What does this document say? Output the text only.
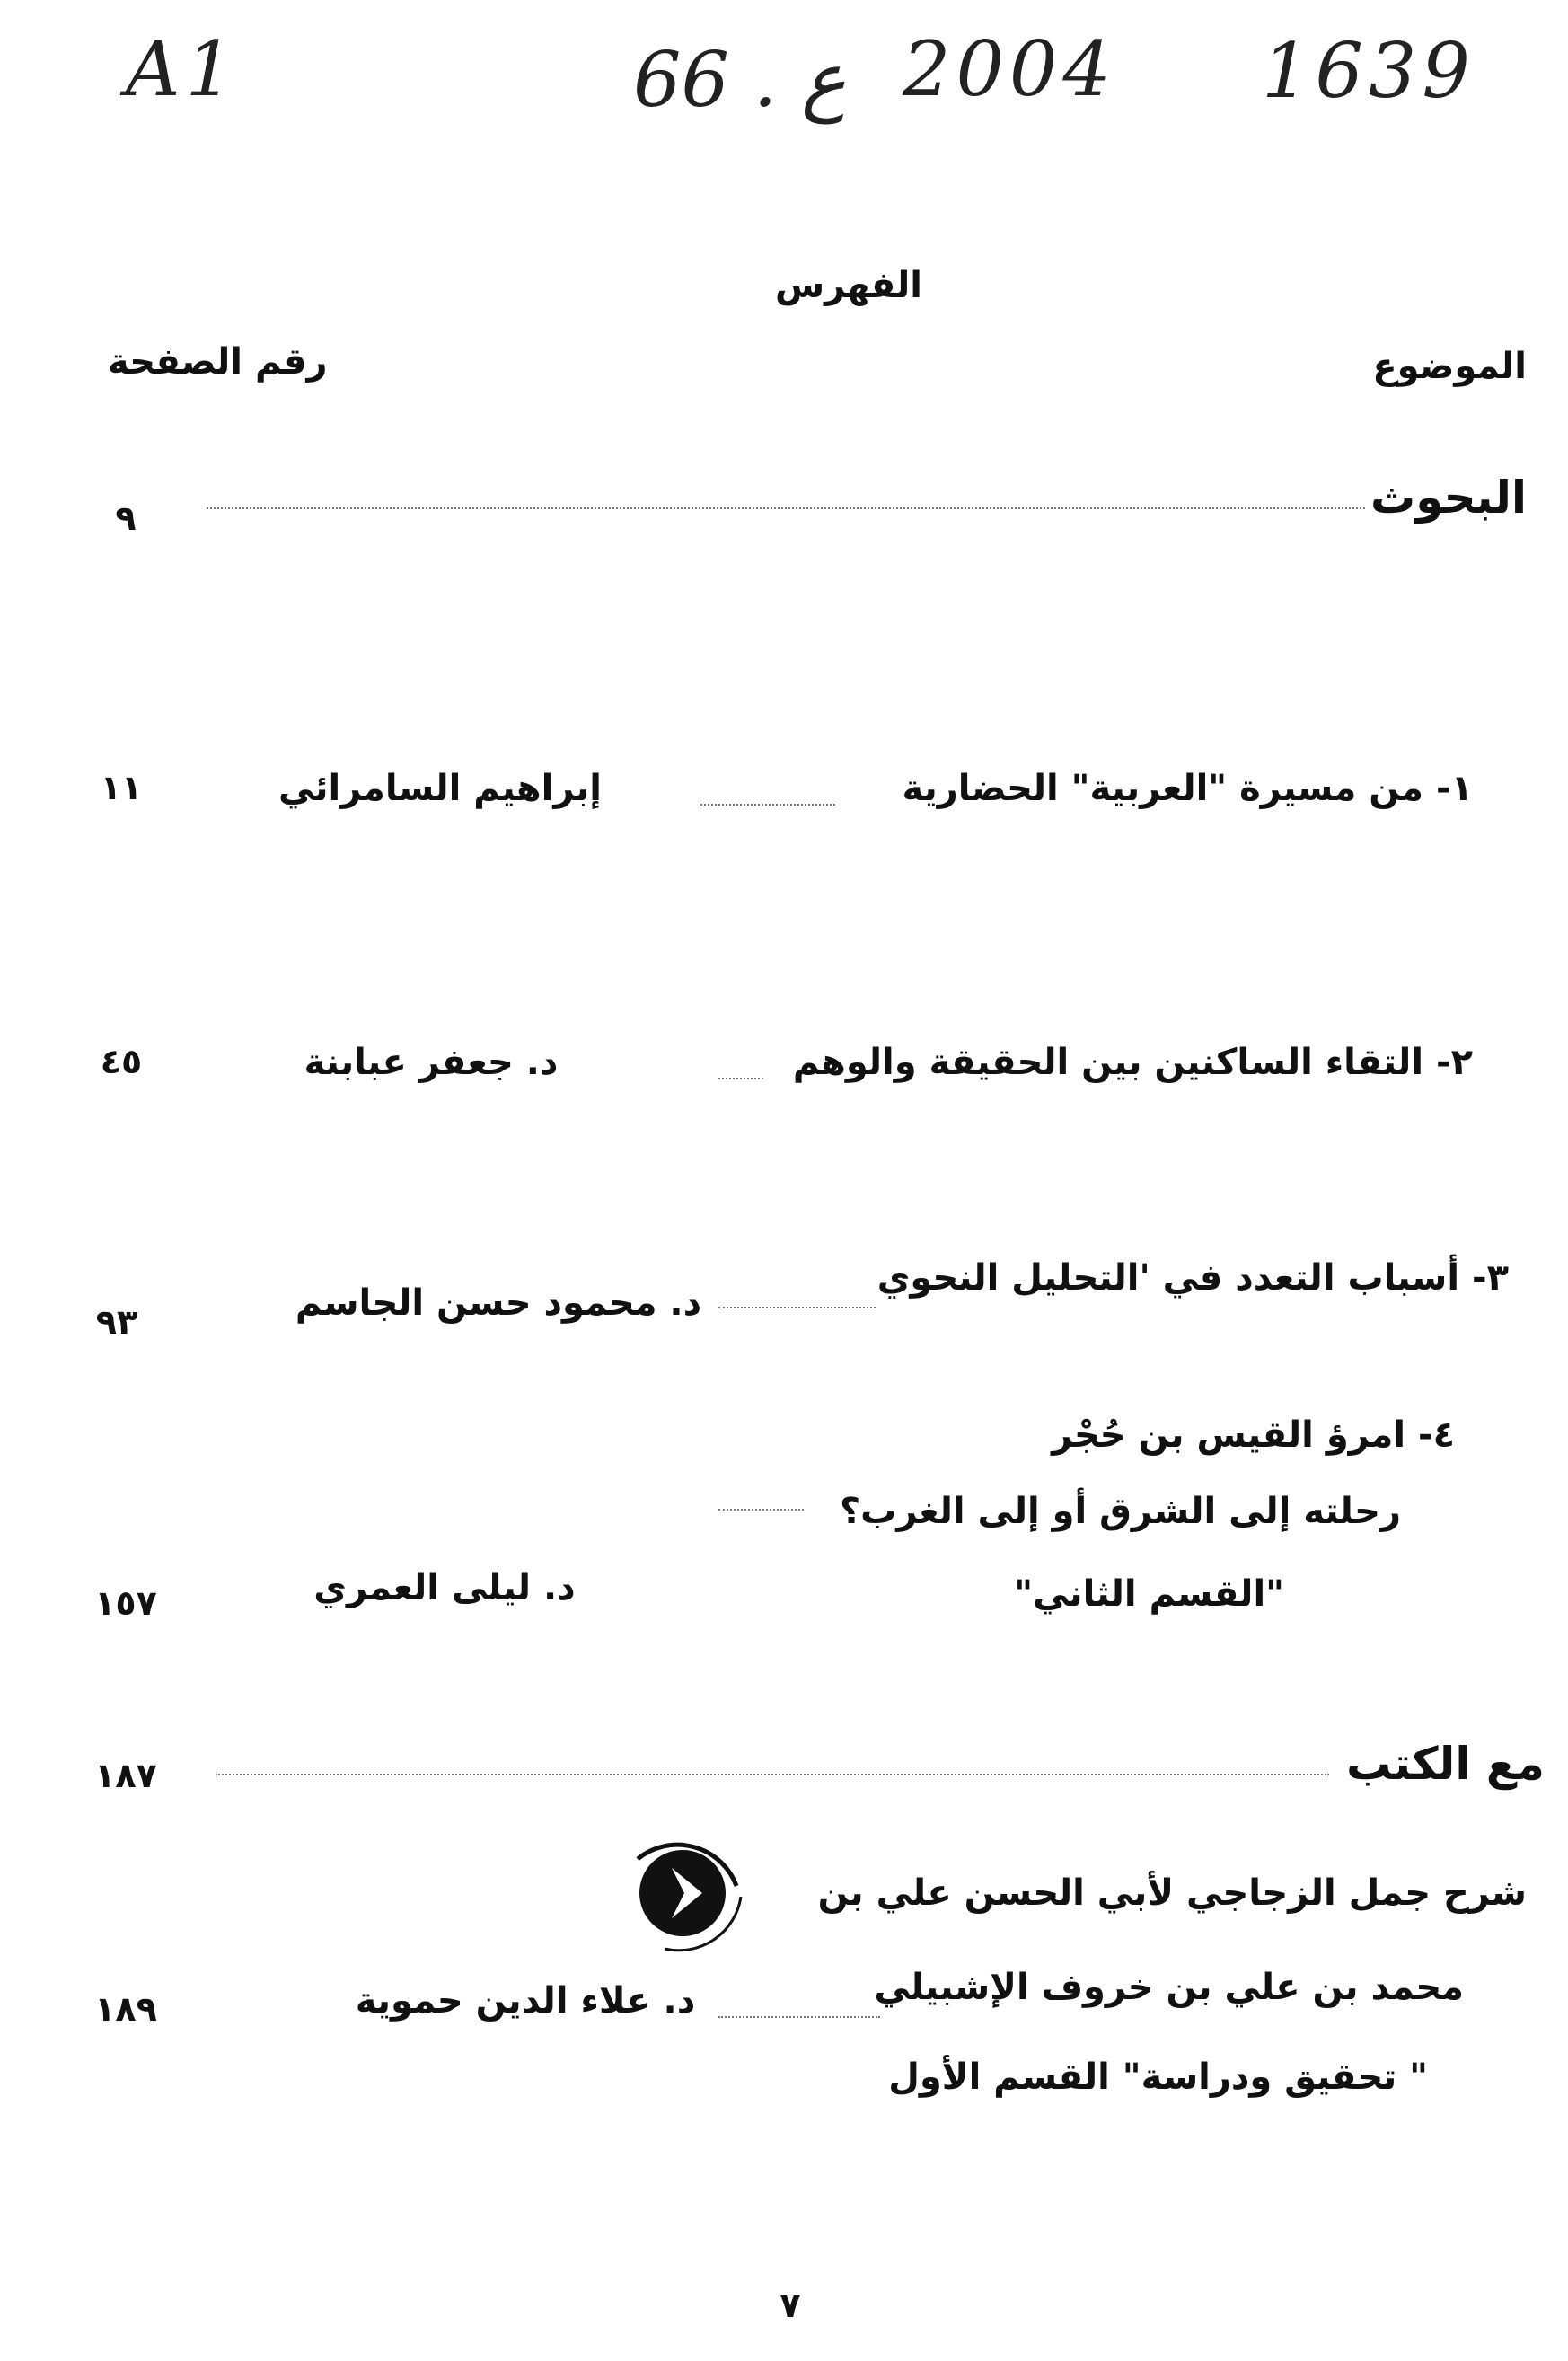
A1	66 . ع 2004 1639
الفهرس
الموضوع
رقم الصفحة
البحوث
٩
١- من مسيرة "العربية" الحضارية
إبراهيم السامرائي
١١
٢- التقاء الساكنين بين الحقيقة والوهم
د. جعفر عبابنة
٤٥
٣- أسباب التعدد في 'التحليل النحوي
د. محمود حسن الجاسم
٩٣
٤- امرؤ القيس بن حُجْر
رحلته إلى الشرق أو إلى الغرب؟
"القسم الثاني"
د. ليلى العمري
١٥٧
مع الكتب
١٨٧
شرح جمل الزجاجي لأبي الحسن علي بن
محمد بن علي بن خروف الإشبيلي
" تحقيق ودراسة" القسم الأول
د. علاء الدين حموية
١٨٩
٧
